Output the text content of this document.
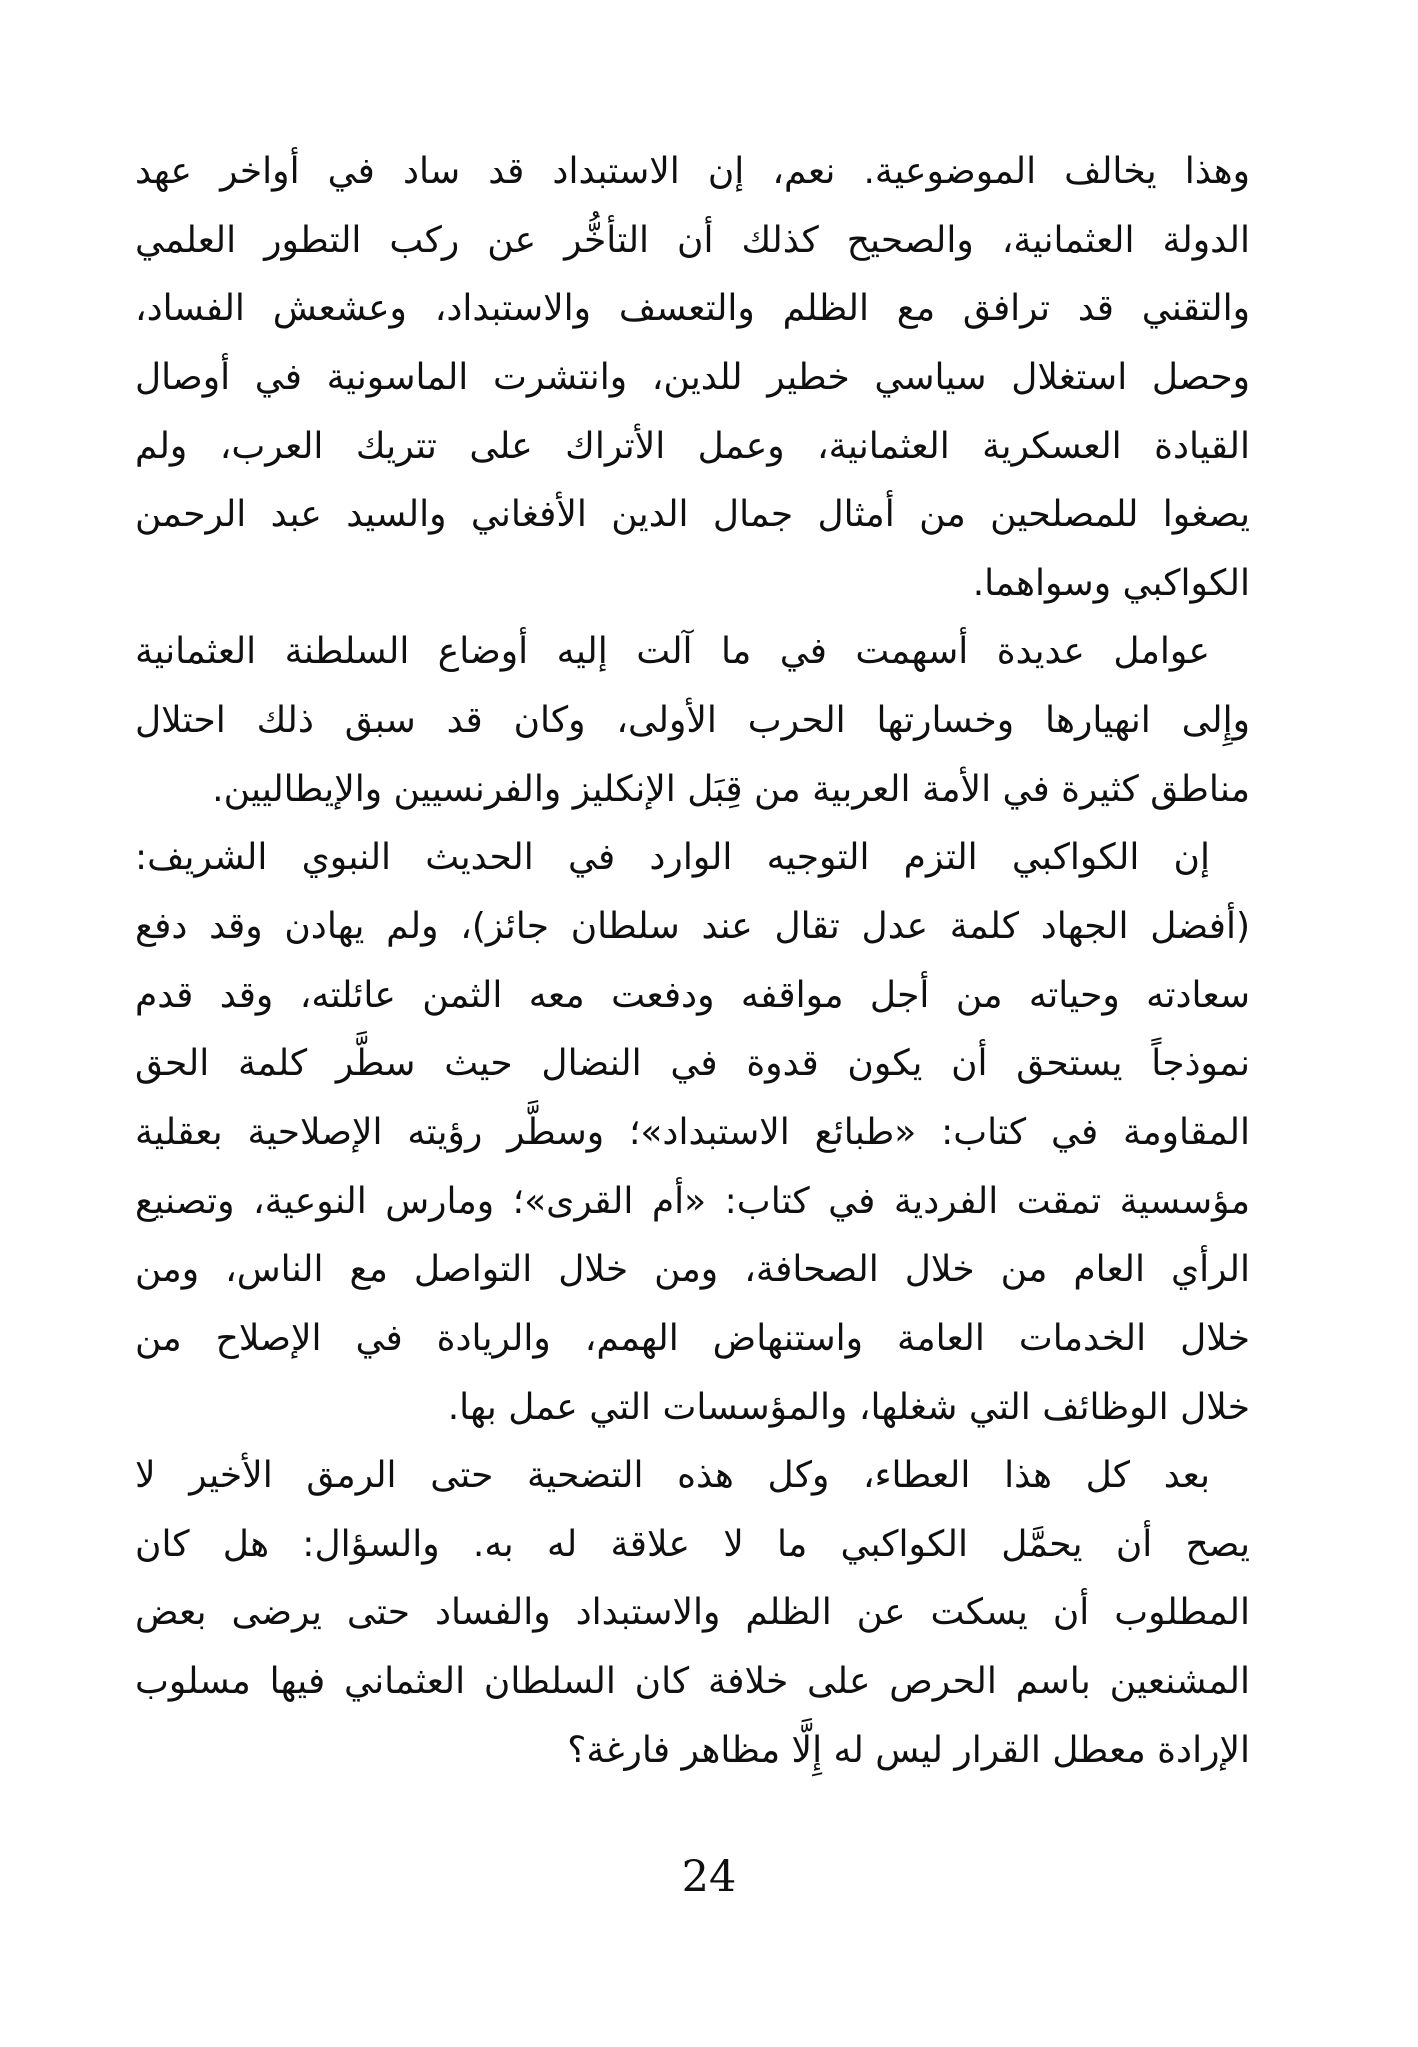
وهذا يخالف الموضوعية. نعم، إن الاستبداد قد ساد في أواخر عهد
الدولة العثمانية، والصحيح كذلك أن التأخُّر عن ركب التطور العلمي
والتقني قد ترافق مع الظلم والتعسف والاستبداد، وعشعش الفساد،
وحصل استغلال سياسي خطير للدين، وانتشرت الماسونية في أوصال
القيادة العسكرية العثمانية، وعمل الأتراك على تتريك العرب، ولم
يصغوا للمصلحين من أمثال جمال الدين الأفغاني والسيد عبد الرحمن
الكواكبي وسواهما.
عوامل عديدة أسهمت في ما آلت إليه أوضاع السلطنة العثمانية
وإِلى انهيارها وخسارتها الحرب الأولى، وكان قد سبق ذلك احتلال
مناطق كثيرة في الأمة العربية من قِبَل الإنكليز والفرنسيين والإيطاليين.
إن الكواكبي التزم التوجيه الوارد في الحديث النبوي الشريف:
(أفضل الجهاد كلمة عدل تقال عند سلطان جائز)، ولم يهادن وقد دفع
سعادته وحياته من أجل مواقفه ودفعت معه الثمن عائلته، وقد قدم
نموذجاً يستحق أن يكون قدوة في النضال حيث سطَّر كلمة الحق
المقاومة في كتاب: «طبائع الاستبداد»؛ وسطَّر رؤيته الإصلاحية بعقلية
مؤسسية تمقت الفردية في كتاب: «أم القرى»؛ ومارس النوعية، وتصنيع
الرأي العام من خلال الصحافة، ومن خلال التواصل مع الناس، ومن
خلال الخدمات العامة واستنهاض الهمم، والريادة في الإصلاح من
خلال الوظائف التي شغلها، والمؤسسات التي عمل بها.
بعد كل هذا العطاء، وكل هذه التضحية حتى الرمق الأخير لا
يصح أن يحمَّل الكواكبي ما لا علاقة له به. والسؤال: هل كان
المطلوب أن يسكت عن الظلم والاستبداد والفساد حتى يرضى بعض
المشنعين باسم الحرص على خلافة كان السلطان العثماني فيها مسلوب
الإرادة معطل القرار ليس له إِلَّا مظاهر فارغة؟
24
